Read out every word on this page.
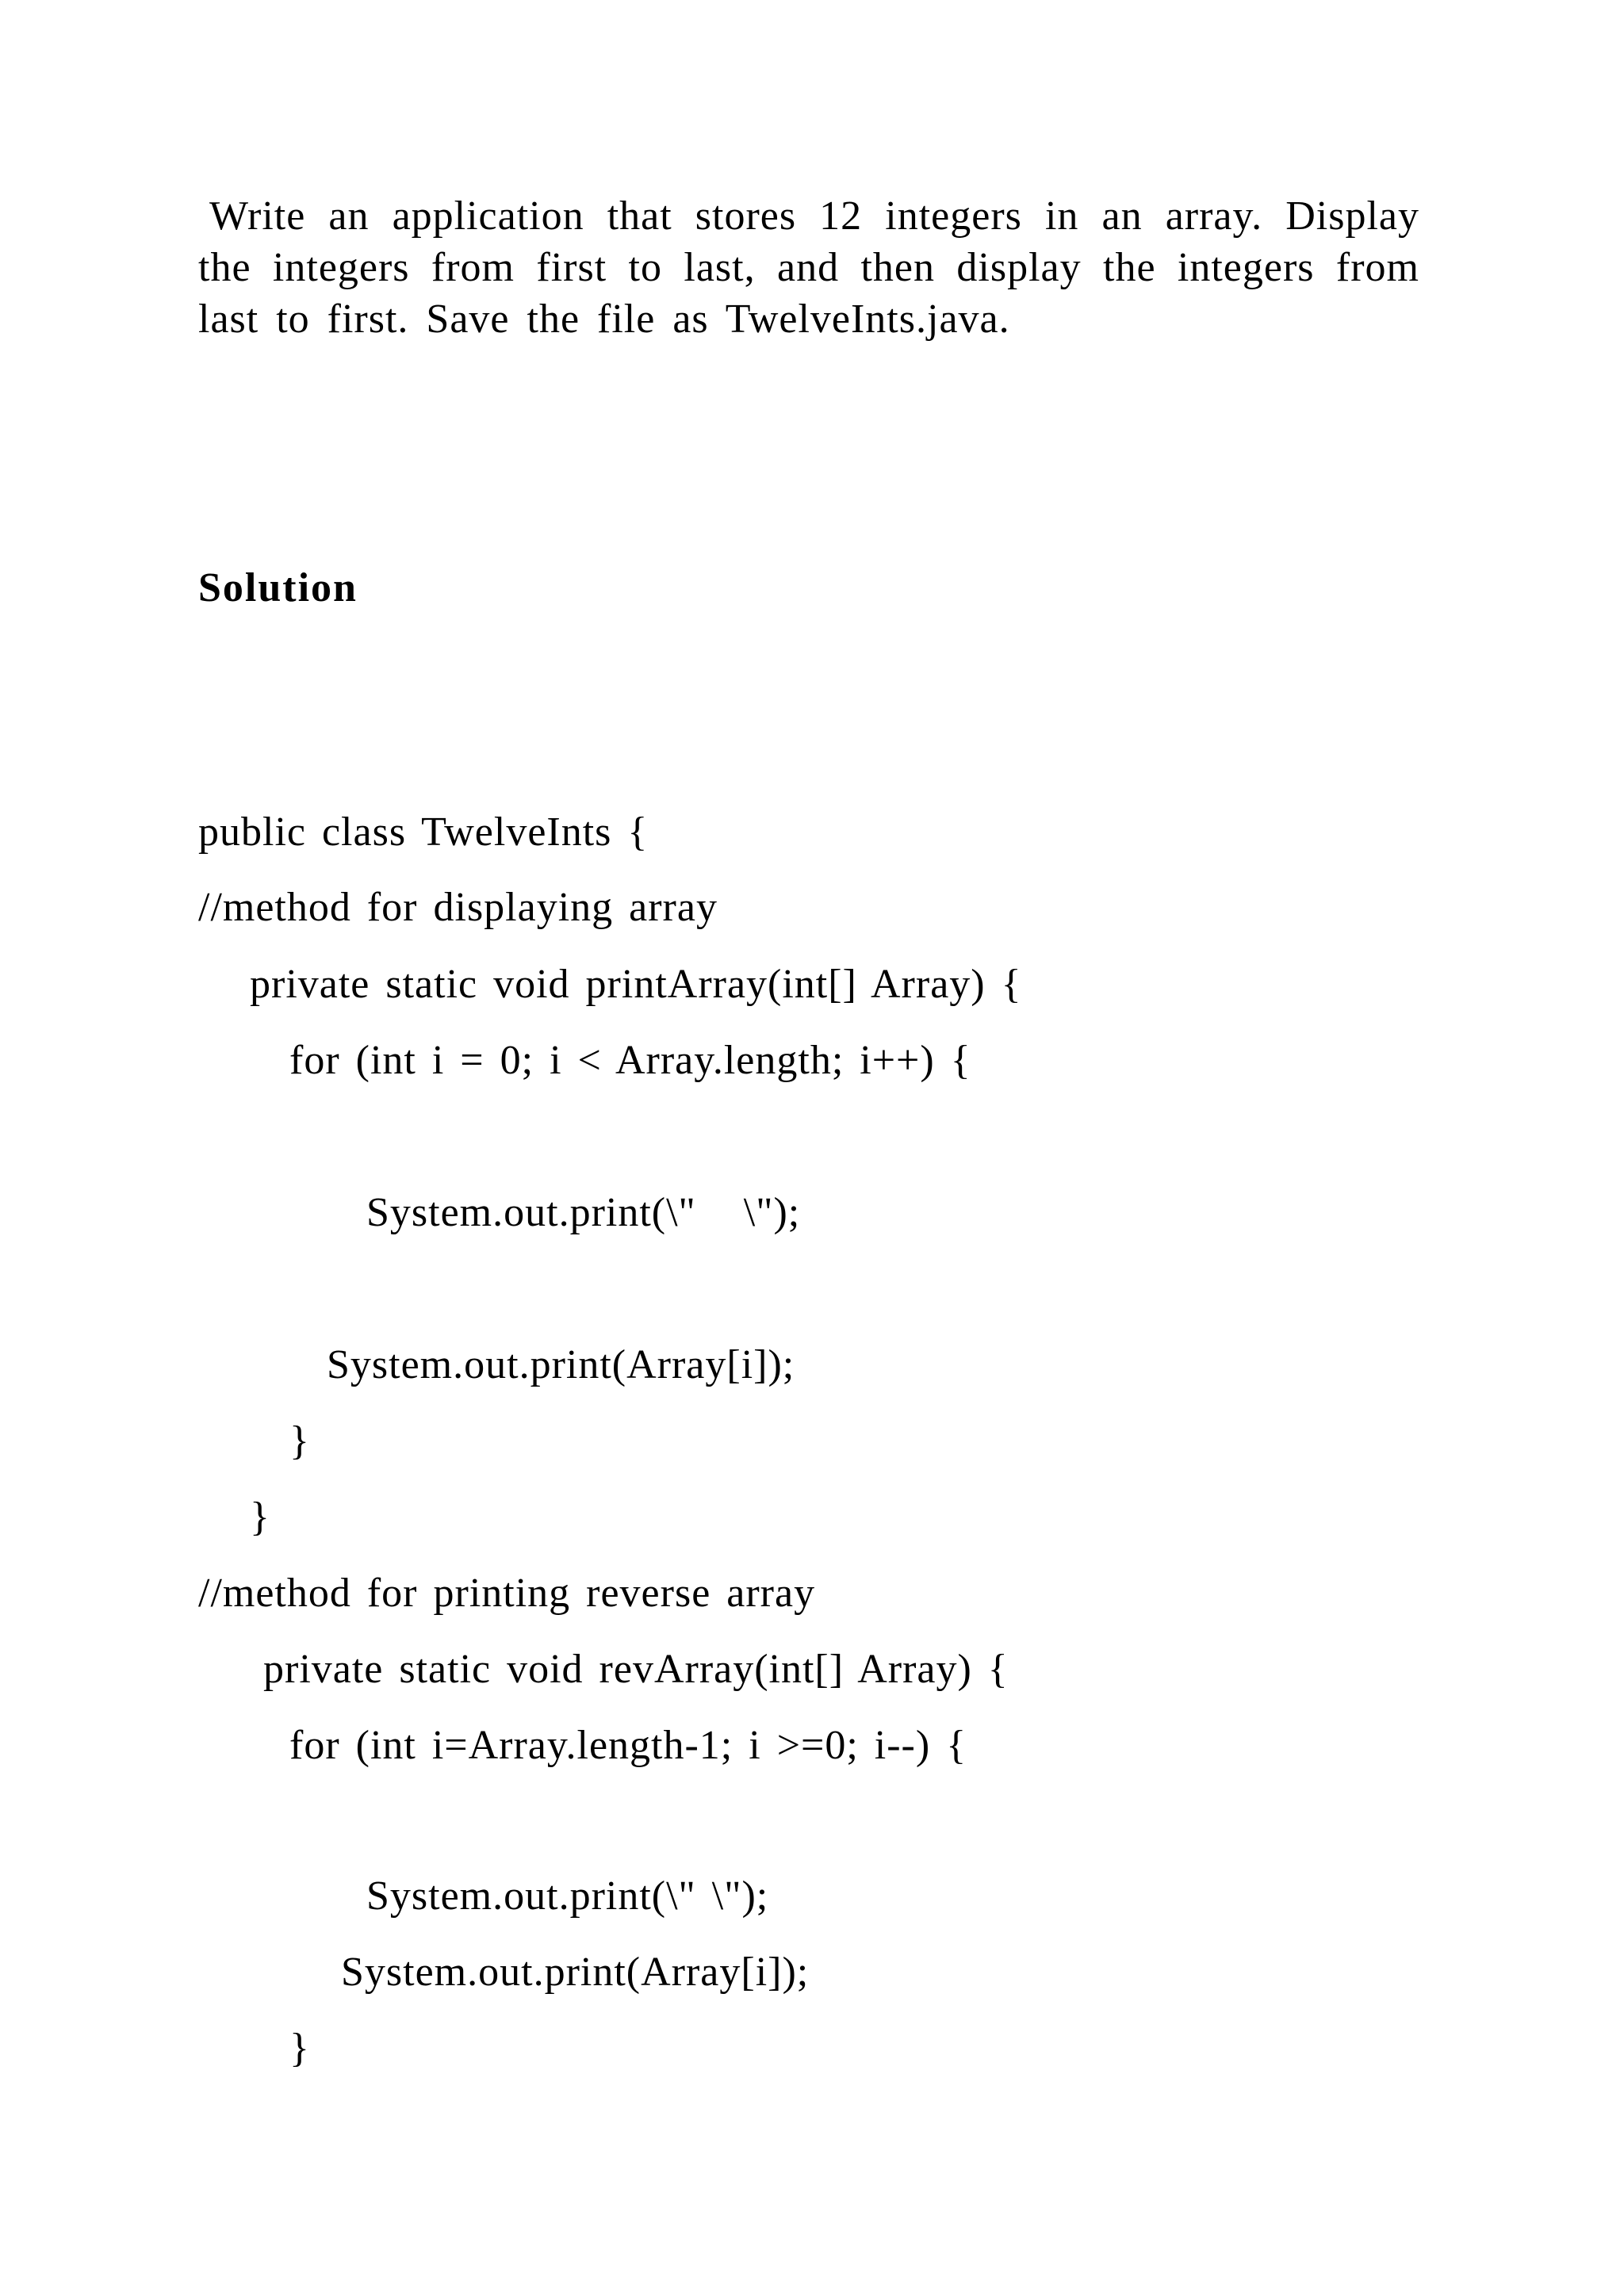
Write an application that stores 12 integers in an array. Display the integers from first to last, and then display the integers from last to first. Save the file as TwelveInts.java.

Solution

public class TwelveInts {
//method for displaying array
private static void printArray(int[] Array) {
for (int i = 0; i < Array.length; i++) {
System.out.print(\"   \");
System.out.print(Array[i]);
}
}
//method for printing reverse array
private static void revArray(int[] Array) {
for (int i=Array.length-1; i >=0; i--) {
System.out.print(\" \");
System.out.print(Array[i]);
}
